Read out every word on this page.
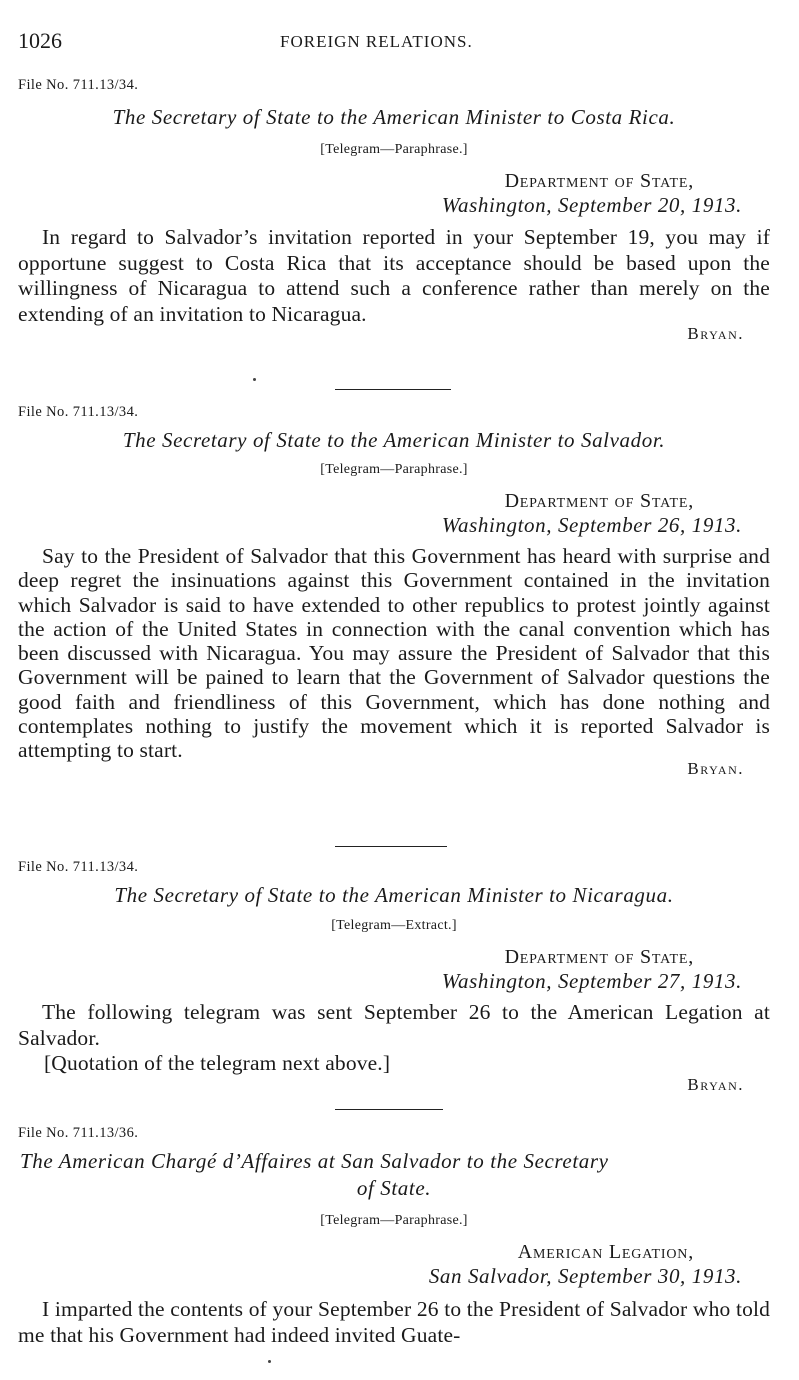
1026	FOREIGN RELATIONS.

File No. 711.13/34.

The Secretary of State to the American Minister to Costa Rica.

[Telegram—Paraphrase.]

Department of State,

Washington, September 20, 1913.

In regard to Salvador’s invitation reported in your September 19, you may if opportune suggest to Costa Rica that its acceptance should be based upon the willingness of Nicaragua to attend such a conference rather than merely on the extending of an invitation to Nicaragua.

Bryan.

File No. 711.13/34.

The Secretary of State to the American Minister to Salvador.

[Telegram—Paraphrase.]

Department of State,

Washington, September 26, 1913.

Say to the President of Salvador that this Government has heard with surprise and deep regret the insinuations against this Government contained in the invitation which Salvador is said to have extended to other republics to protest jointly against the action of the United States in connection with the canal convention which has been discussed with Nicaragua. You may assure the President of Salvador that this Government will be pained to learn that the Government of Salvador questions the good faith and friendliness of this Government, which has done nothing and contemplates nothing to justify the movement which it is reported Salvador is attempting to start.

Bryan.

File No. 711.13/34.

The Secretary of State to the American Minister to Nicaragua.

[Telegram—Extract.]

Department of State,

Washington, September 27, 1913.

The following telegram was sent September 26 to the American Legation at Salvador.

[Quotation of the telegram next above.]

Bryan.

File No. 711.13/36.

The American Chargé d’Affaires at San Salvador to the Secretary

of State.

[Telegram—Paraphrase.]

American Legation,

San Salvador, September 30, 1913.

I imparted the contents of your September 26 to the President of Salvador who told me that his Government had indeed invited Guate-
